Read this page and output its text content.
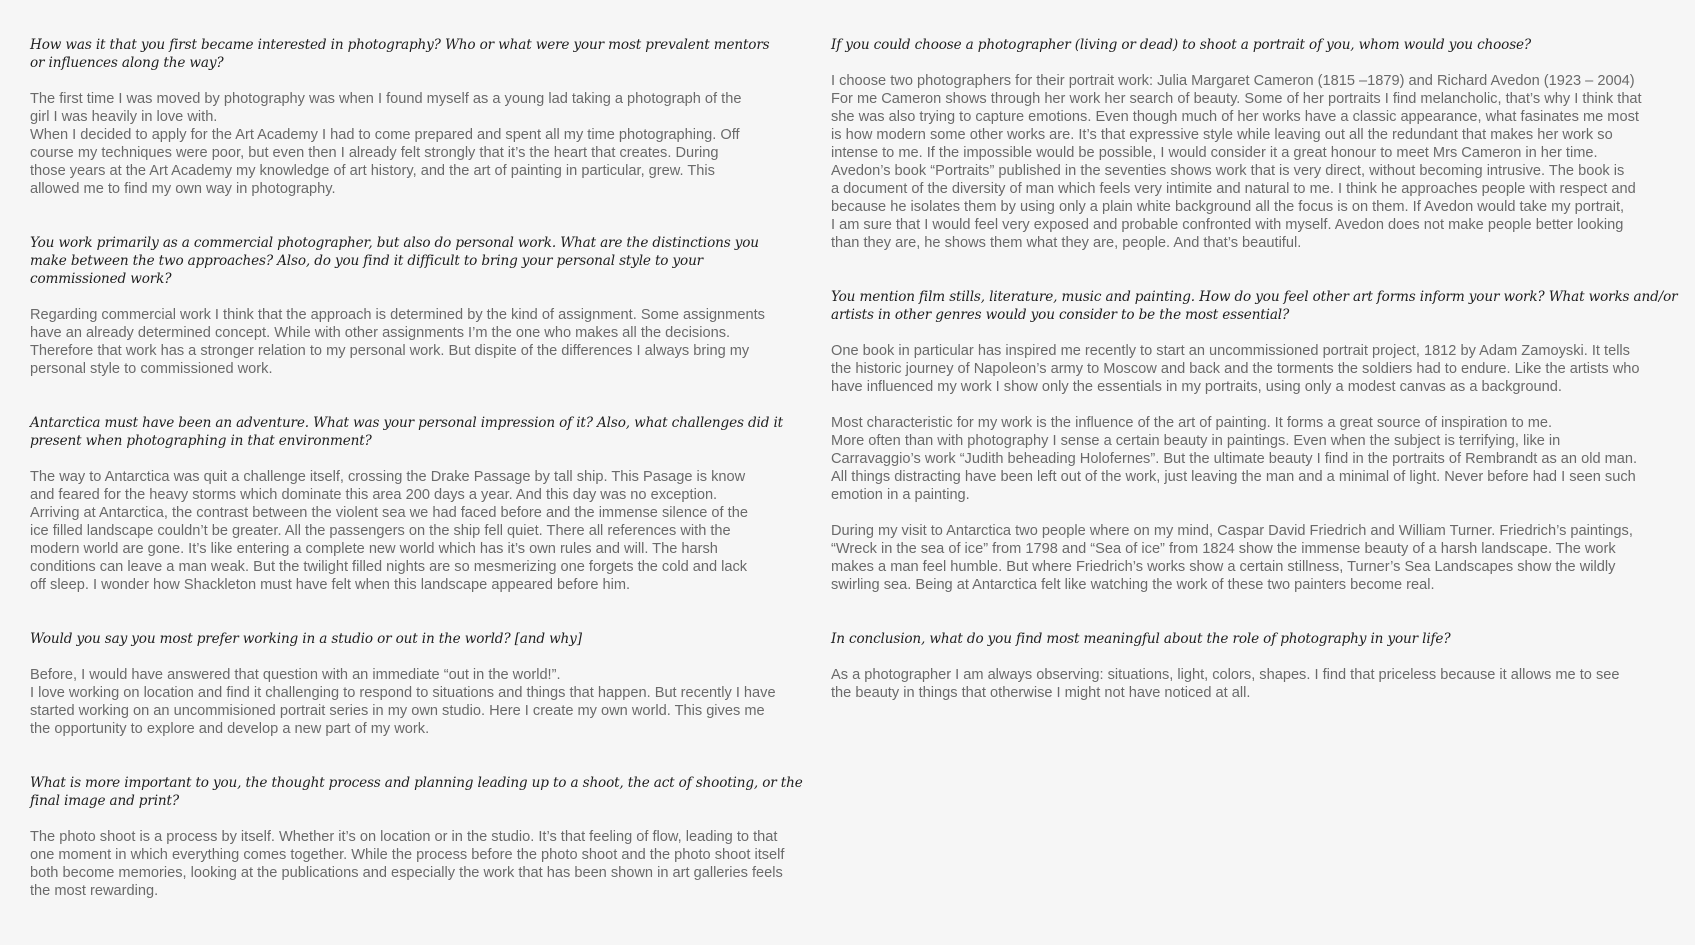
How was it that you first became interested in photography? Who or what were your most prevalent mentors
or influences along the way?

The first time I was moved by photography was when I found myself as a young lad taking a photograph of the
girl I was heavily in love with.
When I decided to apply for the Art Academy I had to come prepared and spent all my time photographing. Off
course my techniques were poor, but even then I already felt strongly that it’s the heart that creates. During
those years at the Art Academy my knowledge of art history, and the art of painting in particular, grew. This
allowed me to find my own way in photography.

You work primarily as a commercial photographer, but also do personal work. What are the distinctions you
make between the two approaches? Also, do you find it difficult to bring your personal style to your
commissioned work?

Regarding commercial work I think that the approach is determined by the kind of assignment. Some assignments
have an already determined concept. While with other assignments I’m the one who makes all the decisions.
Therefore that work has a stronger relation to my personal work. But dispite of the differences I always bring my
personal style to commissioned work.

Antarctica must have been an adventure. What was your personal impression of it? Also, what challenges did it
present when photographing in that environment?

The way to Antarctica was quit a challenge itself, crossing the Drake Passage by tall ship. This Pasage is know
and feared for the heavy storms which dominate this area 200 days a year. And this day was no exception.
Arriving at Antarctica, the contrast between the violent sea we had faced before and the immense silence of the
ice filled landscape couldn’t be greater. All the passengers on the ship fell quiet. There all references with the
modern world are gone. It’s like entering a complete new world which has it’s own rules and will. The harsh
conditions can leave a man weak. But the twilight filled nights are so mesmerizing one forgets the cold and lack
off sleep. I wonder how Shackleton must have felt when this landscape appeared before him.

Would you say you most prefer working in a studio or out in the world? [and why]

Before, I would have answered that question with an immediate “out in the world!”.
I love working on location and find it challenging to respond to situations and things that happen. But recently I have
started working on an uncommisioned portrait series in my own studio. Here I create my own world. This gives me
the opportunity to explore and develop a new part of my work.

What is more important to you, the thought process and planning leading up to a shoot, the act of shooting, or the
final image and print?

The photo shoot is a process by itself. Whether it’s on location or in the studio. It’s that feeling of flow, leading to that
one moment in which everything comes together. While the process before the photo shoot and the photo shoot itself
both become memories, looking at the publications and especially the work that has been shown in art galleries feels
the most rewarding.

If you could choose a photographer (living or dead) to shoot a portrait of you, whom would you choose?

I choose two photographers for their portrait work: Julia Margaret Cameron (1815 –1879) and Richard Avedon (1923 – 2004)
For me Cameron shows through her work her search of beauty. Some of her portraits I find melancholic, that’s why I think that
she was also trying to capture emotions. Even though much of her works have a classic appearance, what fasinates me most
is how modern some other works are. It’s that expressive style while leaving out all the redundant that makes her work so
intense to me. If the impossible would be possible, I would consider it a great honour to meet Mrs Cameron in her time.
Avedon’s book “Portraits” published in the seventies shows work that is very direct, without becoming intrusive. The book is
a document of the diversity of man which feels very intimite and natural to me. I think he approaches people with respect and
because he isolates them by using only a plain white background all the focus is on them. If Avedon would take my portrait,
I am sure that I would feel very exposed and probable confronted with myself. Avedon does not make people better looking
than they are, he shows them what they are, people. And that’s beautiful.

You mention film stills, literature, music and painting. How do you feel other art forms inform your work? What works and/or
artists in other genres would you consider to be the most essential?

One book in particular has inspired me recently to start an uncommissioned portrait project, 1812 by Adam Zamoyski. It tells
the historic journey of Napoleon’s army to Moscow and back and the torments the soldiers had to endure. Like the artists who
have influenced my work I show only the essentials in my portraits, using only a modest canvas as a background.

Most characteristic for my work is the influence of the art of painting. It forms a great source of inspiration to me.
More often than with photography I sense a certain beauty in paintings. Even when the subject is terrifying, like in
Carravaggio’s work “Judith beheading Holofernes”. But the ultimate beauty I find in the portraits of Rembrandt as an old man.
All things distracting have been left out of the work, just leaving the man and a minimal of light. Never before had I seen such
emotion in a painting.

During my visit to Antarctica two people where on my mind, Caspar David Friedrich and William Turner. Friedrich’s paintings,
“Wreck in the sea of ice” from 1798 and “Sea of ice” from 1824 show the immense beauty of a harsh landscape. The work
makes a man feel humble. But where Friedrich’s works show a certain stillness, Turner’s Sea Landscapes show the wildly
swirling sea. Being at Antarctica felt like watching the work of these two painters become real.

In conclusion, what do you find most meaningful about the role of photography in your life?

As a photographer I am always observing: situations, light, colors, shapes. I find that priceless because it allows me to see
the beauty in things that otherwise I might not have noticed at all.
